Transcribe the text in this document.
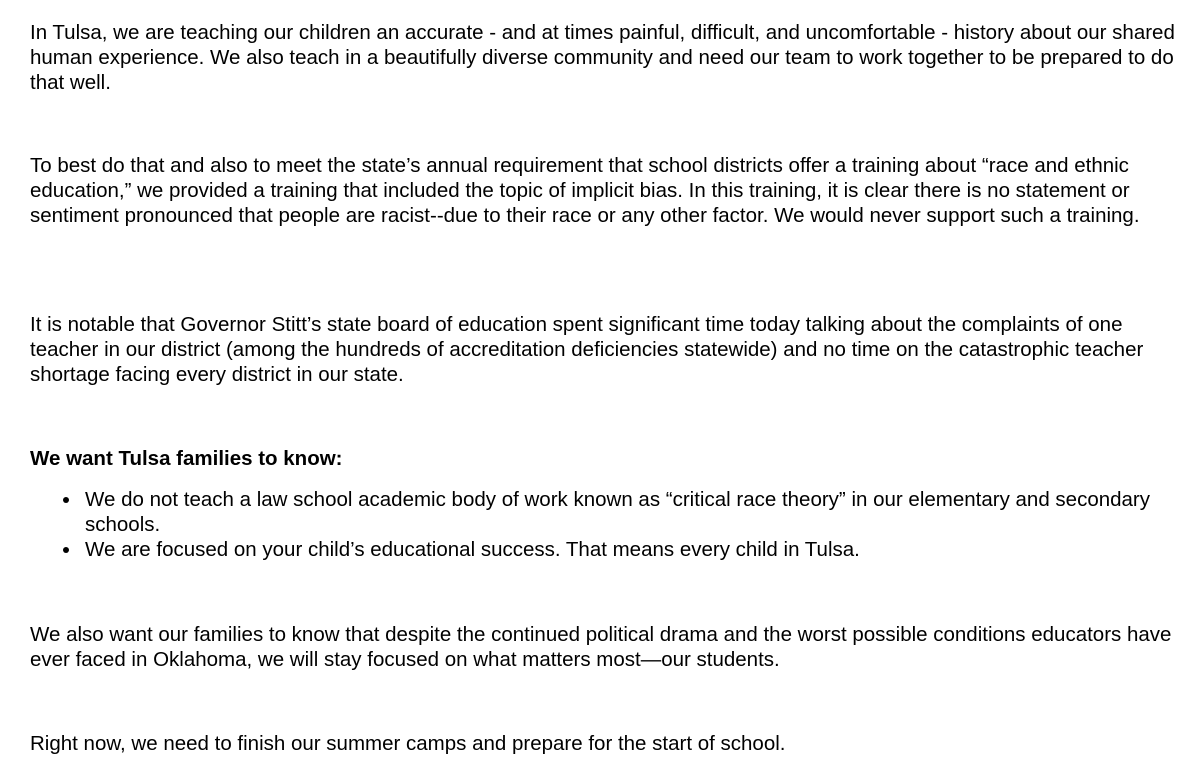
In Tulsa, we are teaching our children an accurate - and at times painful, difficult, and uncomfortable - history about our shared human experience. We also teach in a beautifully diverse community and need our team to work together to be prepared to do that well.

To best do that and also to meet the state’s annual requirement that school districts offer a training about “race and ethnic education,” we provided a training that included the topic of implicit bias. In this training, it is clear there is no statement or sentiment pronounced that people are racist--due to their race or any other factor. We would never support such a training.

It is notable that Governor Stitt’s state board of education spent significant time today talking about the complaints of one teacher in our district (among the hundreds of accreditation deficiencies statewide) and no time on the catastrophic teacher shortage facing every district in our state.

We want Tulsa families to know:

We do not teach a law school academic body of work known as “critical race theory” in our elementary and secondary schools.
We are focused on your child’s educational success. That means every child in Tulsa.

We also want our families to know that despite the continued political drama and the worst possible conditions educators have ever faced in Oklahoma, we will stay focused on what matters most—our students.

Right now, we need to finish our summer camps and prepare for the start of school.
